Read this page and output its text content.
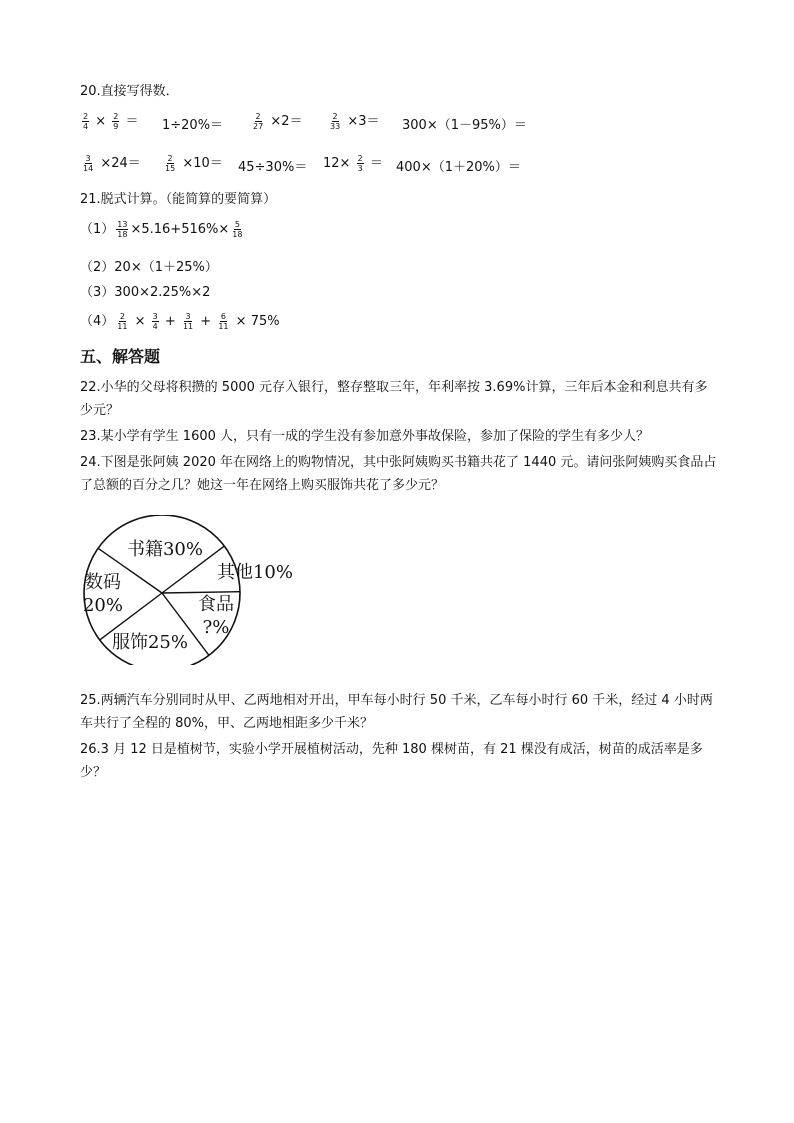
20.直接写得数．
$\frac{2}{4} \times \frac{2}{9} = 1\div 20\%=$	$\frac{2}{27} \times 2=$	$\frac{2}{33} \times 3= 300\times(1-95\%)=$
$\frac{3}{14} \times 24=$	$\frac{2}{15} \times 10= 45\div 30\%= 12\times \frac{2}{3} = 400\times(1+20\%)=$
21.脱式计算。（能简算的要简算）
$(1) \frac{13}{18} \times 5.16+516\%\times \frac{5}{18}$
（2）20×（1＋25%）
（3）300×2.25%×2
$(4) \frac{2}{11} \times \frac{3}{4} + \frac{3}{11} + \frac{6}{11} \times 75\%$
五、解答题
22.小华的父母将积攒的 5000 元存入银行，整存整取三年，年利率按 3.69%计算，三年后本金和利息共有多少元？
23.某小学有学生 1600 人，只有一成的学生没有参加意外事故保险，参加了保险的学生有多少人？
24.下图是张阿姨 2020 年在网络上的购物情况，其中张阿姨购买书籍共花了 1440 元。请问张阿姨购买食品占了总额的百分之几？她这一年在网络上购买服饰共花了多少元？
书籍30%
其他10%
食品
?%
服饰25%
数码
20%
25.两辆汽车分别同时从甲、乙两地相对开出，甲车每小时行 50 千米，乙车每小时行 60 千米，经过 4 小时两车共行了全程的 80%，甲、乙两地相距多少千米？
26.3 月 12 日是植树节，实验小学开展植树活动，先种 180 棵树苗，有 21 棵没有成活，树苗的成活率是多少？
